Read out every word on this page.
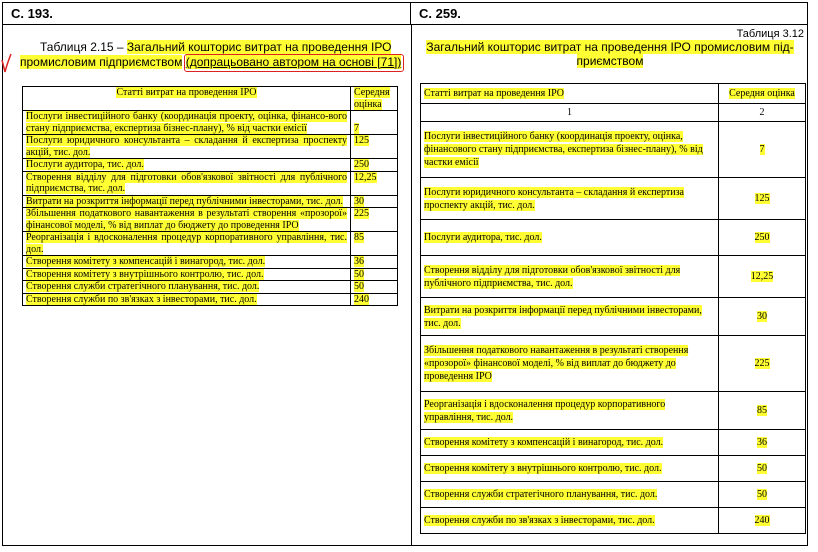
С. 193.	С. 259.
Таблиця 2.15 – Загальний кошторис витрат на проведення ІРО
промисловим підприємством (допрацьовано автором на основі [71])
Статті витрат на проведення ІРО	Середня оцінка
Послуги інвестиційного банку (координація проекту, оцінка, фінансо-вого стану підприємства, експертиза бізнес-плану), % від частки емісії	7
Послуги юридичного консультанта – складання й експертиза проспекту акцій, тис. дол.	125
Послуги аудитора, тис. дол.	250
Створення відділу для підготовки обов'язкової звітності для публічного підприємства, тис. дол.	12,25
Витрати на розкриття інформації перед публічними інвесторами, тис. дол.	30
Збільшення податкового навантаження в результаті створення «прозорої» фінансової моделі, % від виплат до бюджету до проведення ІРО	225
Реорганізація і вдосконалення процедур корпоративного управління, тис. дол.	85
Створення комітету з компенсацій і винагород, тис. дол.	36
Створення комітету з внутрішнього контролю, тис. дол.	50
Створення служби стратегічного планування, тис. дол.	50
Створення служби по зв'язках з інвесторами, тис. дол.	240
Таблиця 3.12
Загальний кошторис витрат на проведення ІРО промисловим під-приємством
Статті витрат на проведення ІРО	Середня оцінка
1	2
Послуги інвестиційного банку (координація проекту, оцінка, фінансового стану підприємства, експертиза бізнес-плану), % від частки емісії	7
Послуги юридичного консультанта – складання й експертиза проспекту акцій, тис. дол.	125
Послуги аудитора, тис. дол.	250
Створення відділу для підготовки обов'язкової звітності для публічного підприємства, тис. дол.	12,25
Витрати на розкриття інформації перед публічними інвесторами, тис. дол.	30
Збільшення податкового навантаження в результаті створення «прозорої» фінансової моделі, % від виплат до бюджету до проведення ІРО	225
Реорганізація і вдосконалення процедур корпоративного управління, тис. дол.	85
Створення комітету з компенсацій і винагород, тис. дол.	36
Створення комітету з внутрішнього контролю, тис. дол.	50
Створення служби стратегічного планування, тис. дол.	50
Створення служби по зв'язках з інвесторами, тис. дол.	240
